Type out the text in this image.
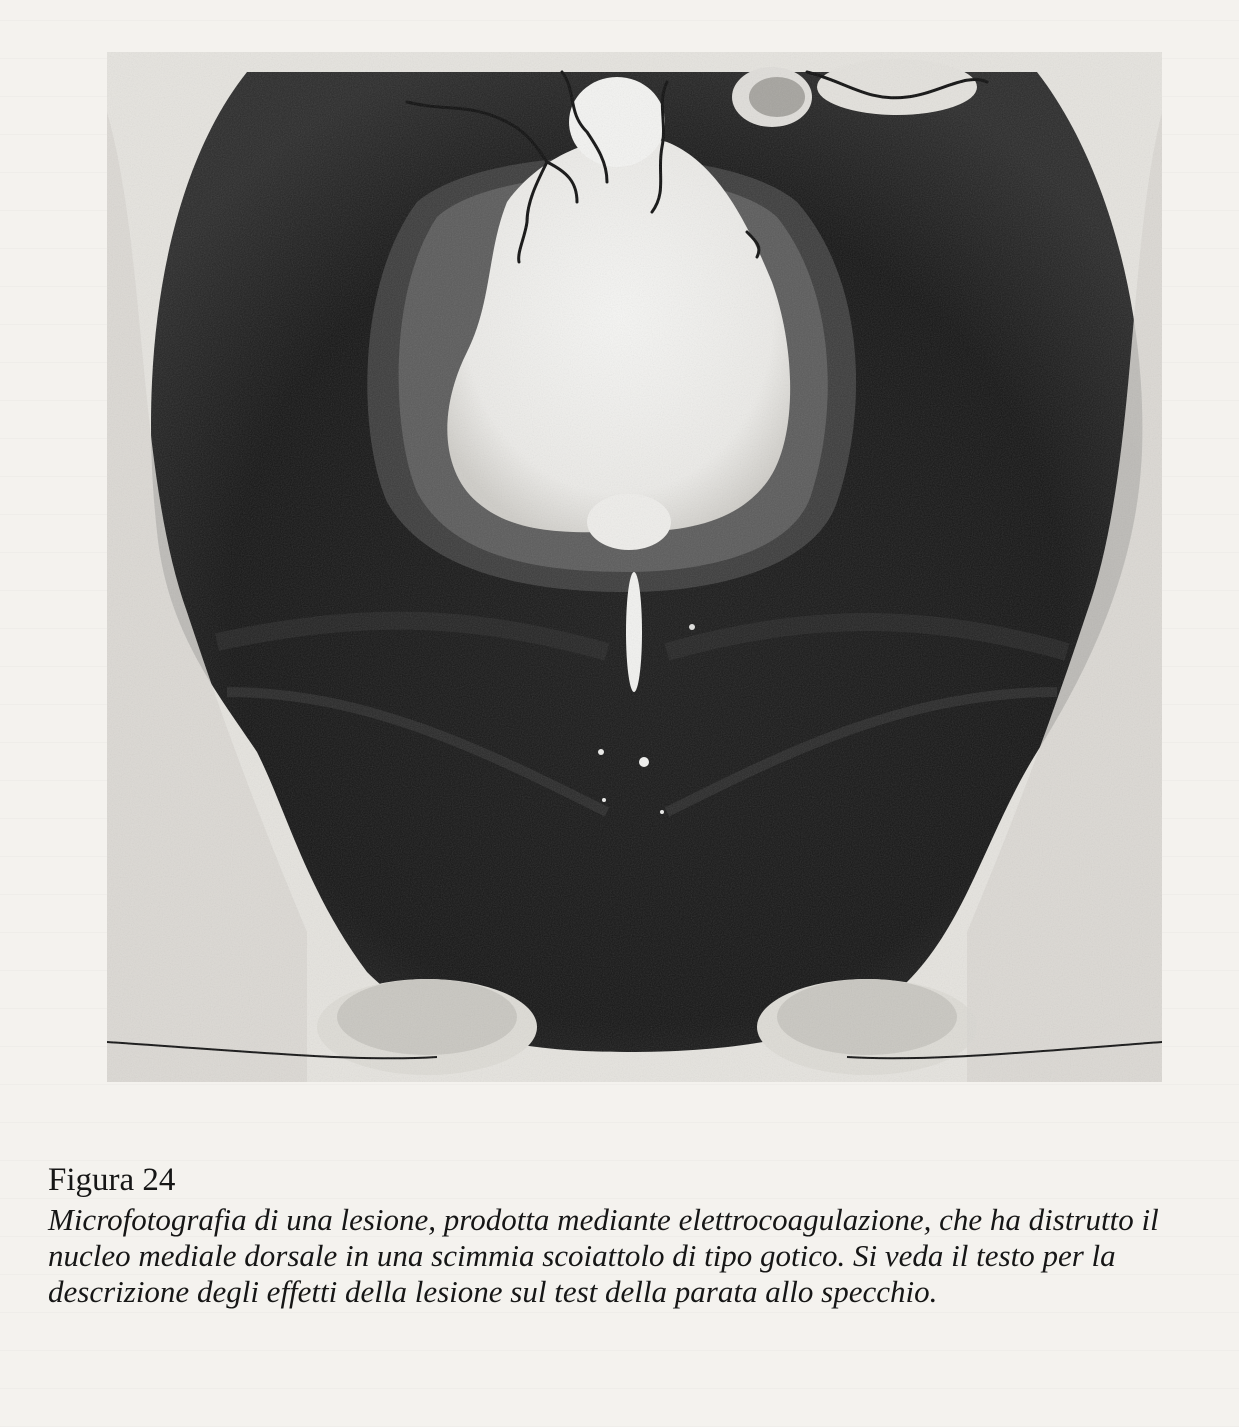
Figura 24

Microfotografia di una lesione, prodotta mediante elettrocoagulazione, che ha distrutto il nucleo mediale dorsale in una scimmia scoiattolo di tipo gotico. Si veda il testo per la descrizione degli effetti della lesione sul test della parata allo specchio.
